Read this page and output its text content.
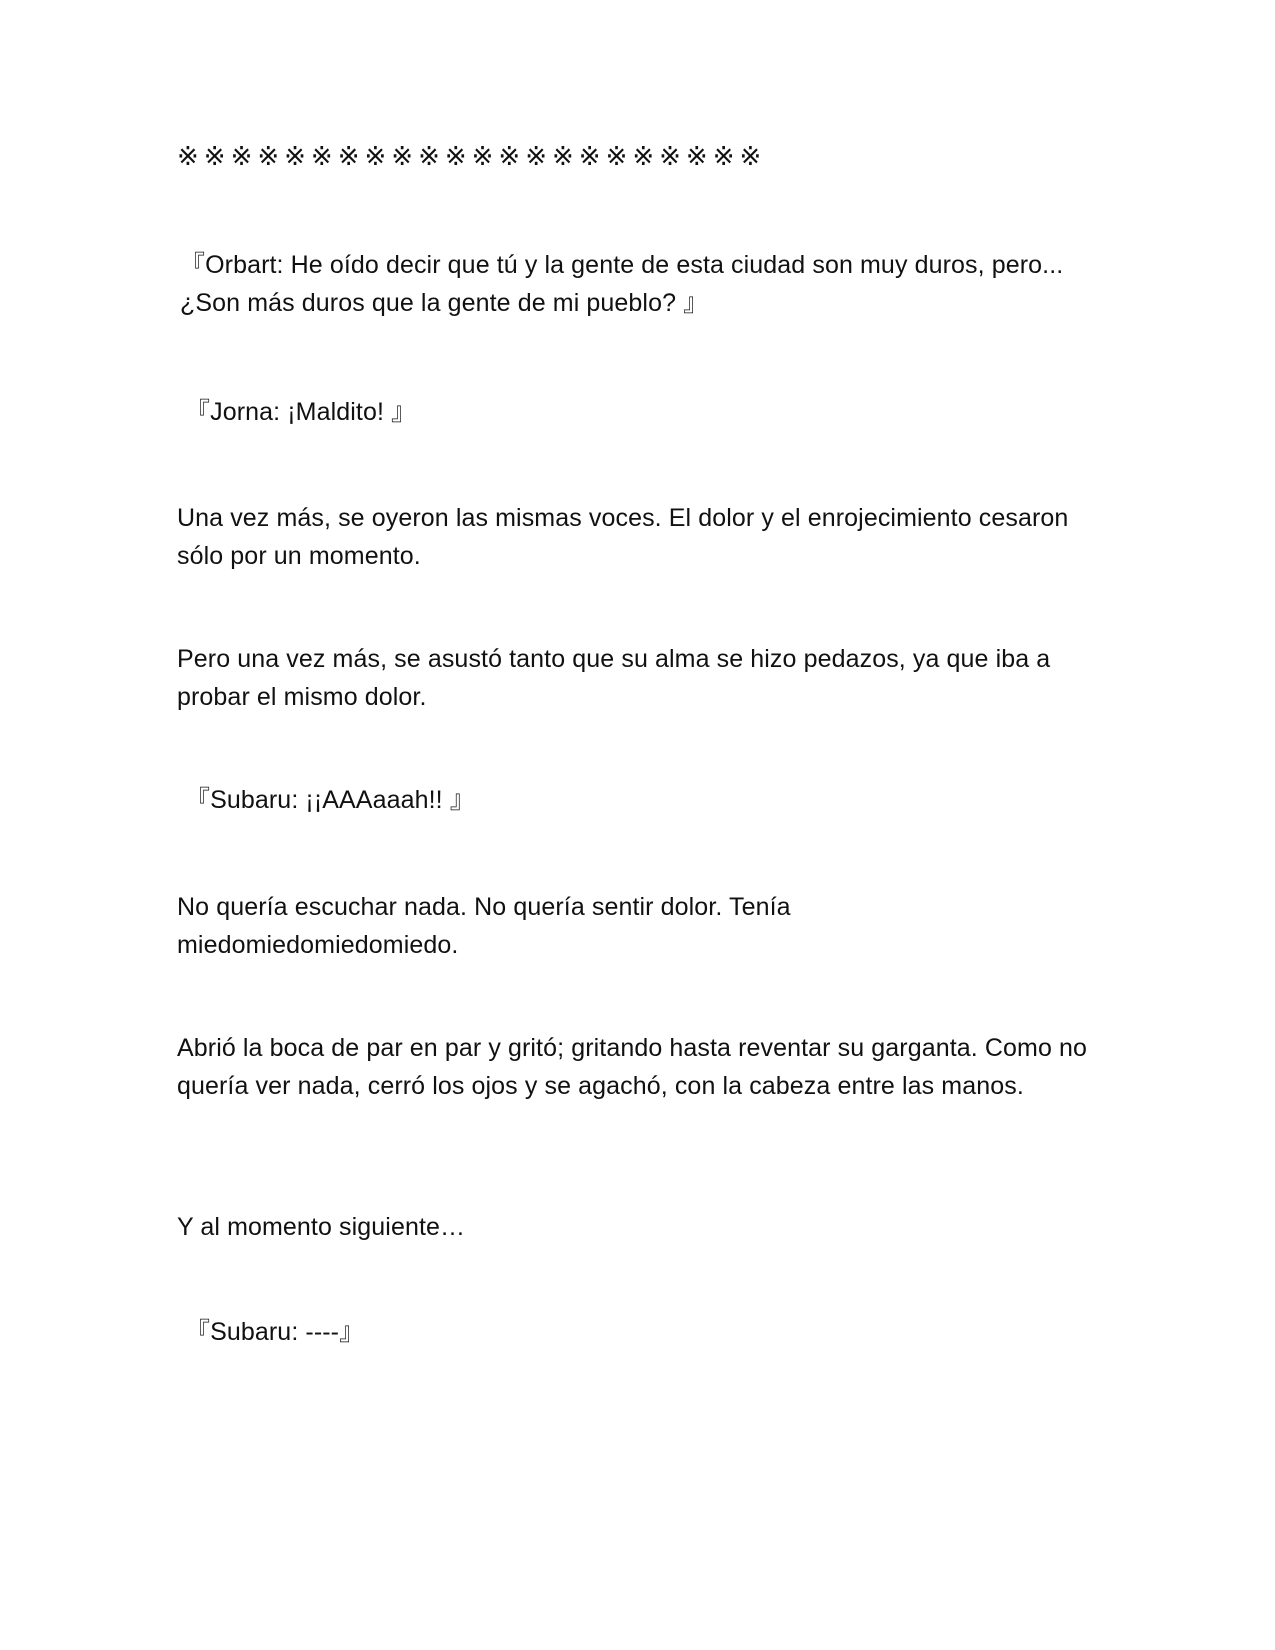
※※※※※※※※※※※※※※※※※※※※※※

『Orbart: He oído decir que tú y la gente de esta ciudad son muy duros, pero... ¿Son más duros que la gente de mi pueblo? 』

『Jorna: ¡Maldito! 』

Una vez más, se oyeron las mismas voces. El dolor y el enrojecimiento cesaron sólo por un momento.

Pero una vez más, se asustó tanto que su alma se hizo pedazos, ya que iba a probar el mismo dolor.

『Subaru: ¡¡AAAaaah!! 』

No quería escuchar nada. No quería sentir dolor. Tenía miedomiedomiedomiedo.

Abrió la boca de par en par y gritó; gritando hasta reventar su garganta. Como no quería ver nada, cerró los ojos y se agachó, con la cabeza entre las manos.

Y al momento siguiente…

『Subaru: ----』
